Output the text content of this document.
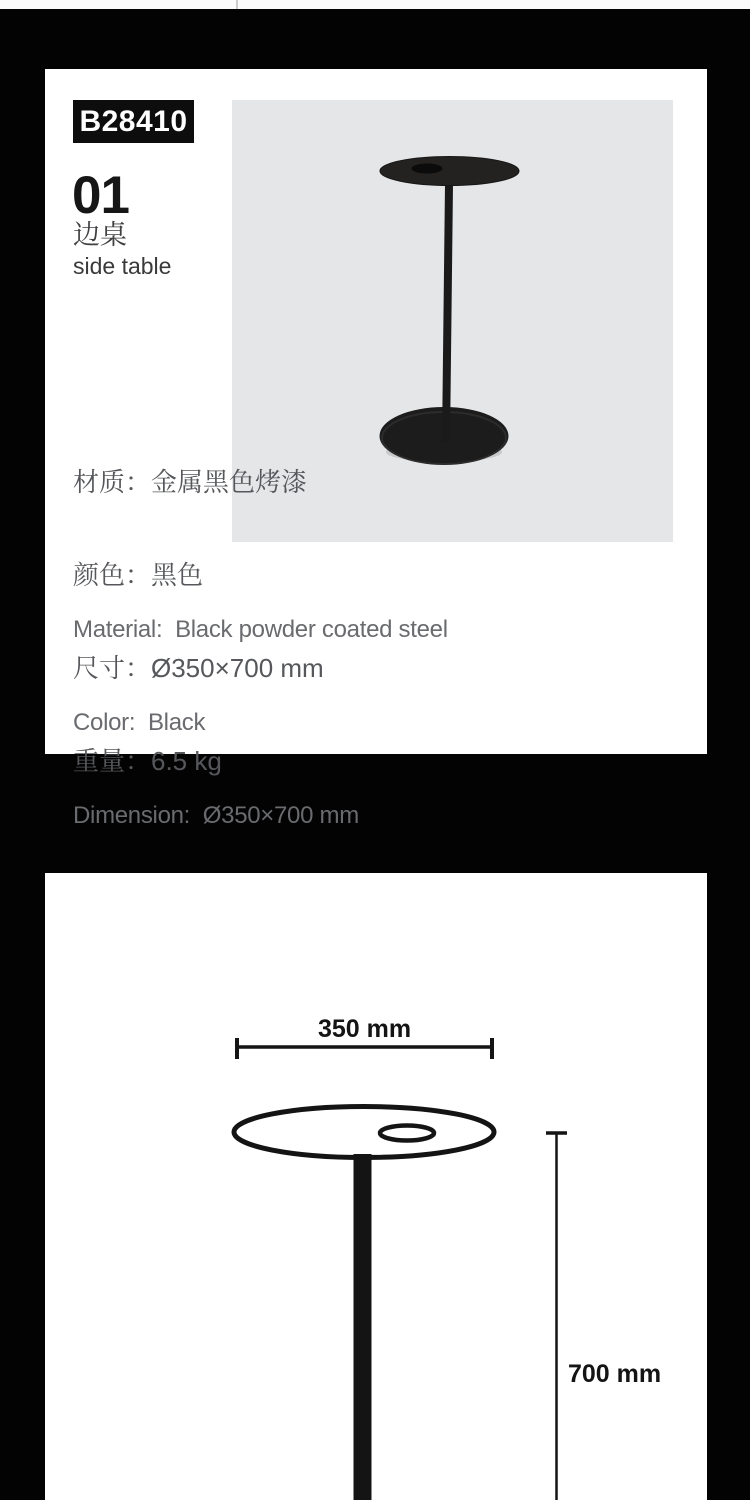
B28410
01
边桌
side table

材质：金属黑色烤漆

颜色：黑色

尺寸：Ø350×700 mm

重量：6.5 kg

Material:  Black powder coated steel

Color:  Black

Dimension:  Ø350×700 mm

350 mm
700 mm
